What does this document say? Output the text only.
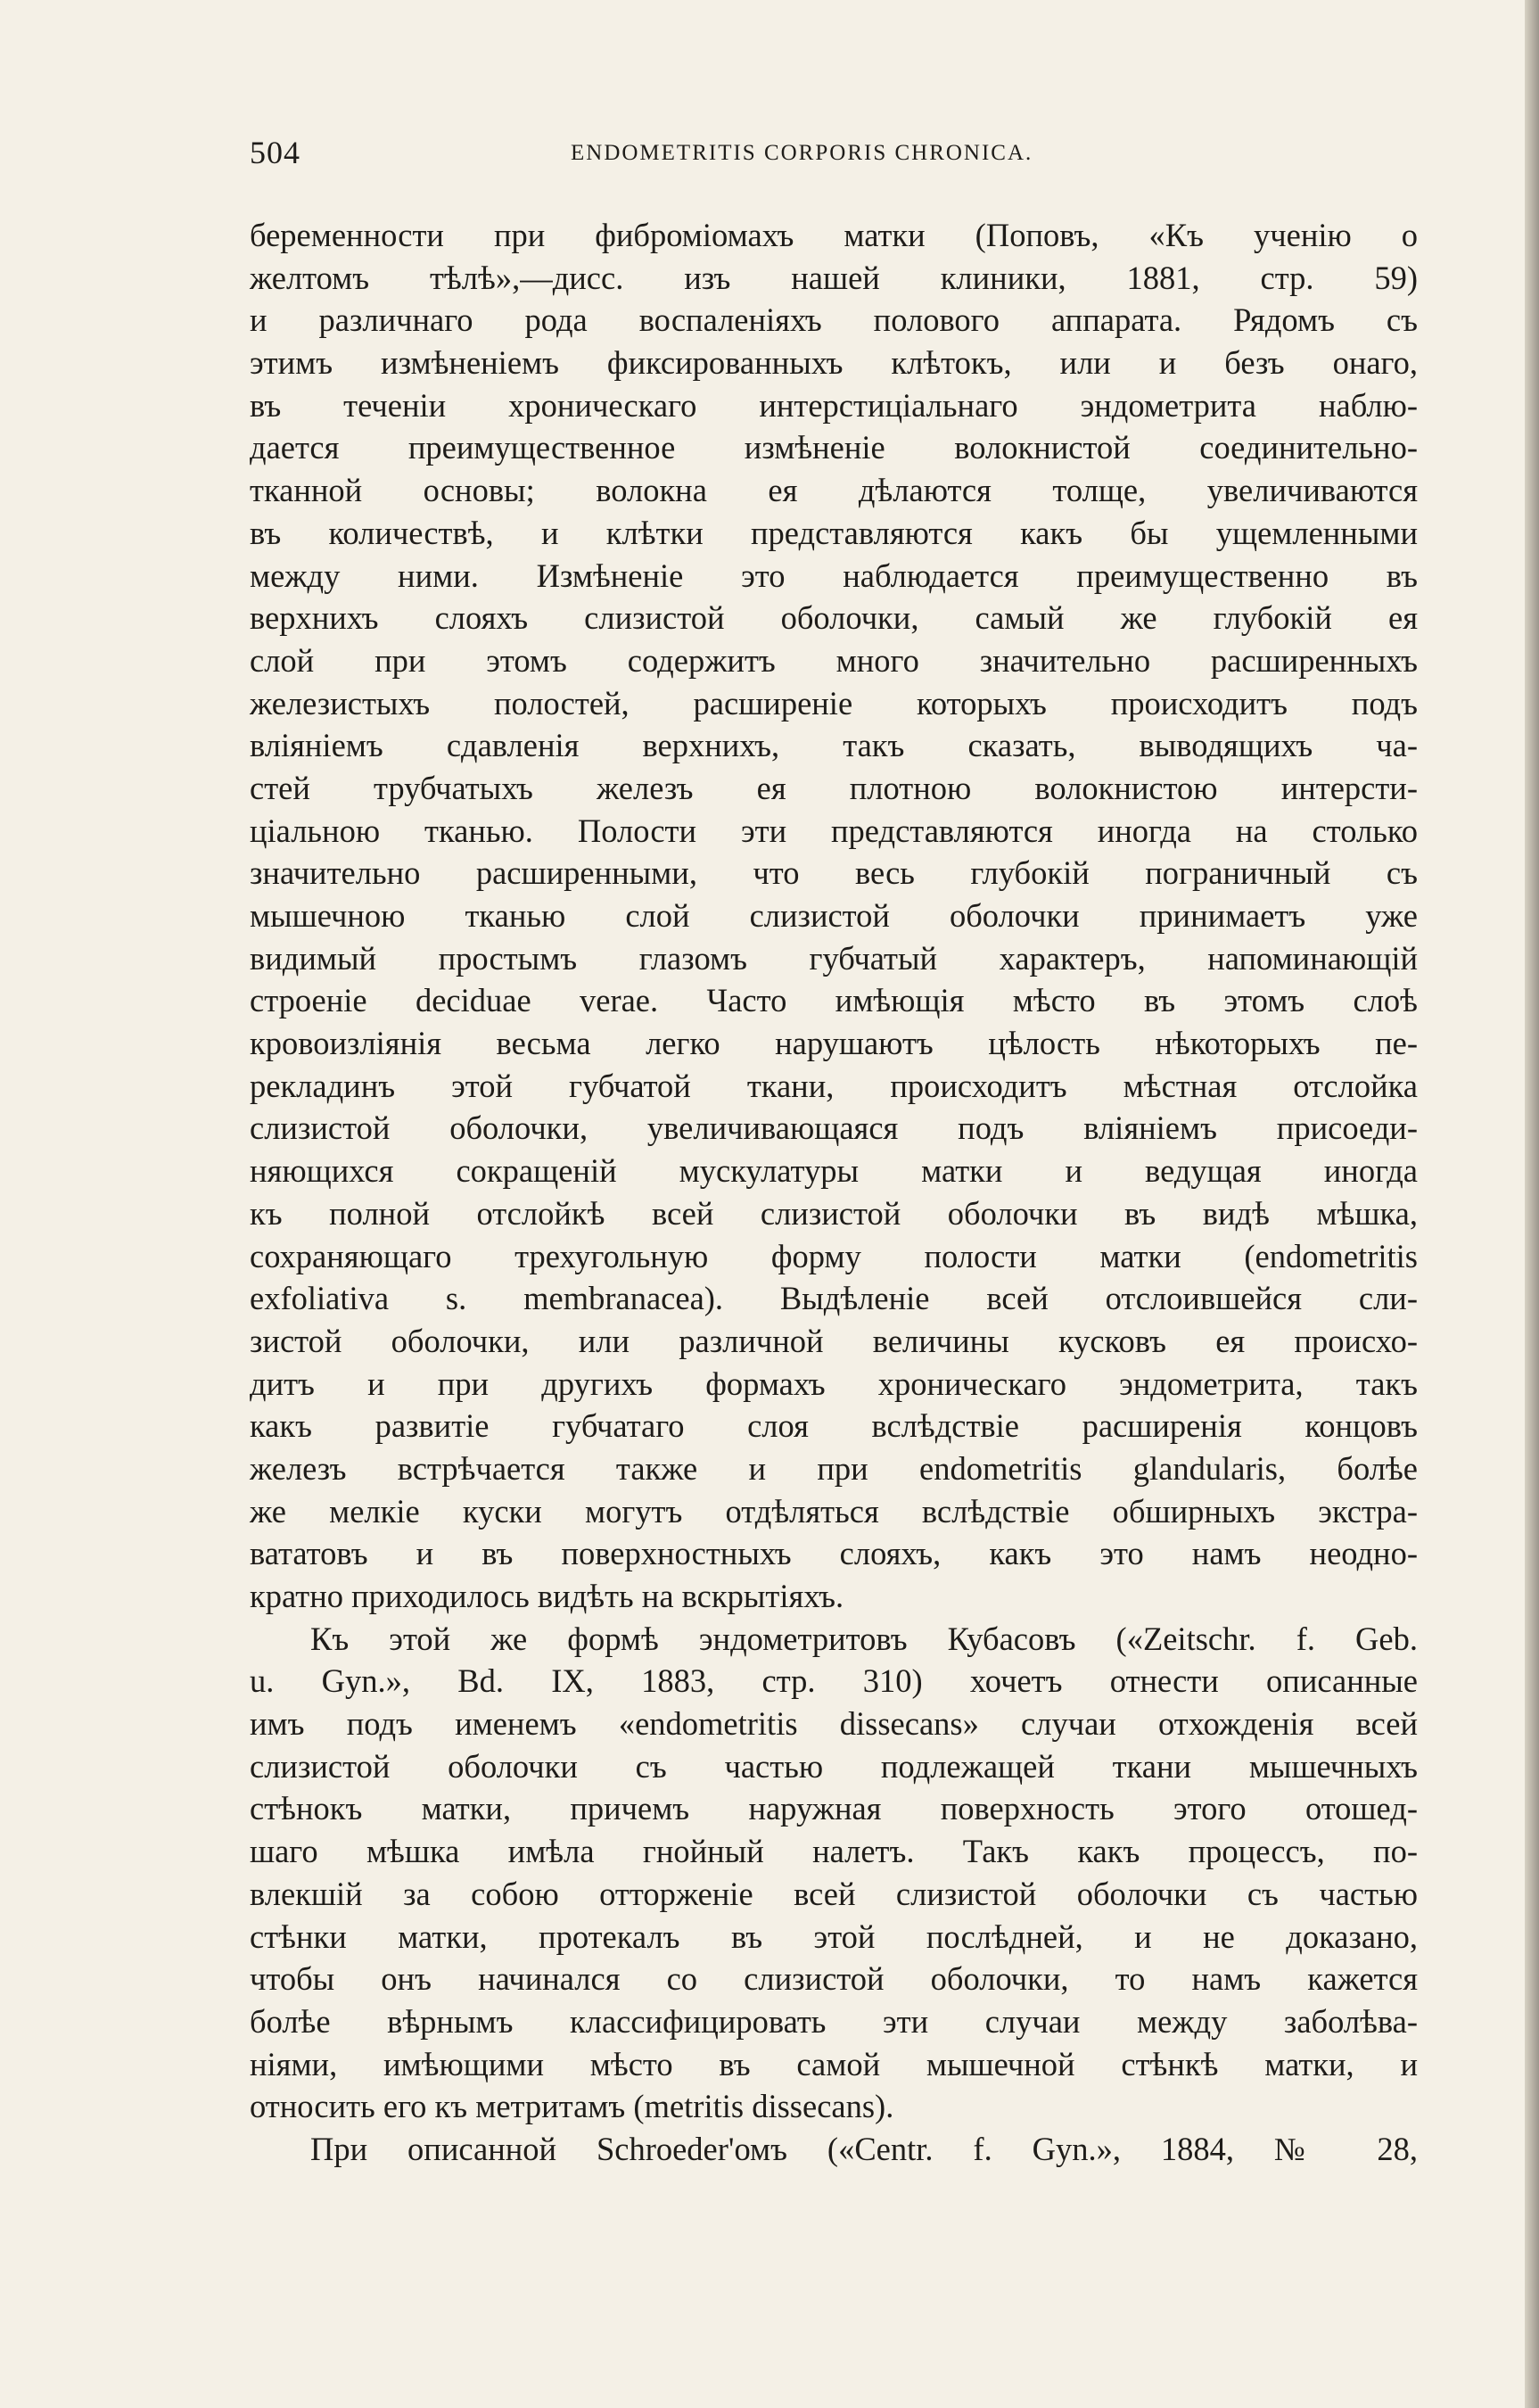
504	ENDOMETRITIS CORPORIS CHRONICA.
беременности при фиброміомахъ матки (Поповъ, «Къ ученію о
желтомъ тѣлѣ»,—дисс. изъ нашей клиники, 1881, стр. 59)
и различнаго рода воспаленіяхъ полового аппарата. Рядомъ съ
этимъ измѣненіемъ фиксированныхъ клѣтокъ, или и безъ онаго,
въ теченіи хроническаго интерстиціальнаго эндометрита наблю-
дается преимущественное измѣненіе волокнистой соединительно-
тканной основы; волокна ея дѣлаются толще, увеличиваются
въ количествѣ, и клѣтки представляются какъ бы ущемленными
между ними. Измѣненіе это наблюдается преимущественно въ
верхнихъ слояхъ слизистой оболочки, самый же глубокій ея
слой при этомъ содержитъ много значительно расширенныхъ
железистыхъ полостей, расширеніе которыхъ происходитъ подъ
вліяніемъ сдавленія верхнихъ, такъ сказать, выводящихъ ча-
стей трубчатыхъ железъ ея плотною волокнистою интерсти-
ціальною тканью. Полости эти представляются иногда на столько
значительно расширенными, что весь глубокій пограничный съ
мышечною тканью слой слизистой оболочки принимаетъ уже
видимый простымъ глазомъ губчатый характеръ, напоминающій
строеніе deciduae verae. Часто имѣющія мѣсто въ этомъ слоѣ
кровоизліянія весьма легко нарушаютъ цѣлость нѣкоторыхъ пе-
рекладинъ этой губчатой ткани, происходитъ мѣстная отслойка
слизистой оболочки, увеличивающаяся подъ вліяніемъ присоеди-
няющихся сокращеній мускулатуры матки и ведущая иногда
къ полной отслойкѣ всей слизистой оболочки въ видѣ мѣшка,
сохраняющаго трехугольную форму полости матки (endometritis
exfoliativa s. membranacea). Выдѣленіе всей отслоившейся сли-
зистой оболочки, или различной величины кусковъ ея происхо-
дитъ и при другихъ формахъ хроническаго эндометрита, такъ
какъ развитіе губчатаго слоя вслѣдствіе расширенія концовъ
железъ встрѣчается также и при endometritis glandularis, болѣе
же мелкіе куски могутъ отдѣляться вслѣдствіе обширныхъ экстра-
вататовъ и въ поверхностныхъ слояхъ, какъ это намъ неодно-
кратно приходилось видѣть на вскрытіяхъ.
Къ этой же формѣ эндометритовъ Кубасовъ («Zeitschr. f. Geb.
u. Gyn.», Bd. IX, 1883, стр. 310) хочетъ отнести описанные
имъ подъ именемъ «endometritis dissecans» случаи отхожденія всей
слизистой оболочки съ частью подлежащей ткани мышечныхъ
стѣнокъ матки, причемъ наружная поверхность этого отошед-
шаго мѣшка имѣла гнойный налетъ. Такъ какъ процессъ, по-
влекшій за собою отторженіе всей слизистой оболочки съ частью
стѣнки матки, протекалъ въ этой послѣдней, и не доказано,
чтобы онъ начинался со слизистой оболочки, то намъ кажется
болѣе вѣрнымъ классифицировать эти случаи между заболѣва-
ніями, имѣющими мѣсто въ самой мышечной стѣнкѣ матки, и
относить его къ метритамъ (metritis dissecans).
При описанной Schroeder'омъ («Centr. f. Gyn.», 1884, № 28,
